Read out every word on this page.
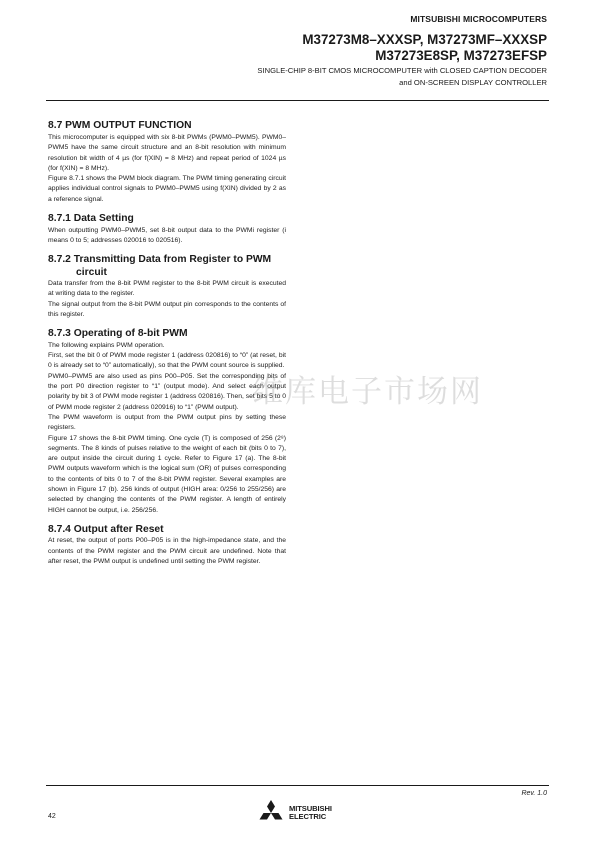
MITSUBISHI MICROCOMPUTERS
M37273M8–XXXSP, M37273MF–XXXSP
M37273E8SP, M37273EFSP
SINGLE-CHIP 8-BIT CMOS MICROCOMPUTER with CLOSED CAPTION DECODER
and ON-SCREEN DISPLAY CONTROLLER
8.7 PWM OUTPUT FUNCTION

This microcomputer is equipped with six 8-bit PWMs (PWM0–PWM5). PWM0–PWM5 have the same circuit structure and an 8-bit resolution with minimum resolution bit width of 4 µs (for f(XIN) = 8 MHz) and repeat period of 1024 µs (for f(XIN) = 8 MHz).

Figure 8.7.1 shows the PWM block diagram. The PWM timing generating circuit applies individual control signals to PWM0–PWM5 using f(XIN) divided by 2 as a reference signal.

8.7.1 Data Setting

When outputting PWM0–PWM5, set 8-bit output data to the PWMi register (i means 0 to 5; addresses 020016 to 020516).

8.7.2 Transmitting Data from Register to PWM
circuit

Data transfer from the 8-bit PWM register to the 8-bit PWM circuit is executed at writing data to the register.

The signal output from the 8-bit PWM output pin corresponds to the contents of this register.

8.7.3 Operating of 8-bit PWM

The following explains PWM operation.

First, set the bit 0 of PWM mode register 1 (address 020816) to “0” (at reset, bit 0 is already set to “0” automatically), so that the PWM count source is supplied.

PWM0–PWM5 are also used as pins P00–P05. Set the corresponding bits of the port P0 direction register to “1” (output mode). And select each output polarity by bit 3 of PWM mode register 1 (address 020816). Then, set bits 5 to 0 of PWM mode register 2 (address 020916) to “1” (PWM output).

The PWM waveform is output from the PWM output pins by setting these registers.

Figure 17 shows the 8-bit PWM timing. One cycle (T) is composed of 256 (2⁸) segments. The 8 kinds of pulses relative to the weight of each bit (bits 0 to 7), are output inside the circuit during 1 cycle. Refer to Figure 17 (a). The 8-bit PWM outputs waveform which is the logical sum (OR) of pulses corresponding to the contents of bits 0 to 7 of the 8-bit PWM register. Several examples are shown in Figure 17 (b). 256 kinds of output (HIGH area: 0/256 to 255/256) are selected by changing the contents of the PWM register. A length of entirely HIGH cannot be output, i.e. 256/256.

8.7.4 Output after Reset

At reset, the output of ports P00–P05 is in the high-impedance state, and the contents of the PWM register and the PWM circuit are undefined. Note that after reset, the PWM output is undefined until setting the PWM register.

维库电子市场网
Rev. 1.0
42
MITSUBISHI
ELECTRIC
